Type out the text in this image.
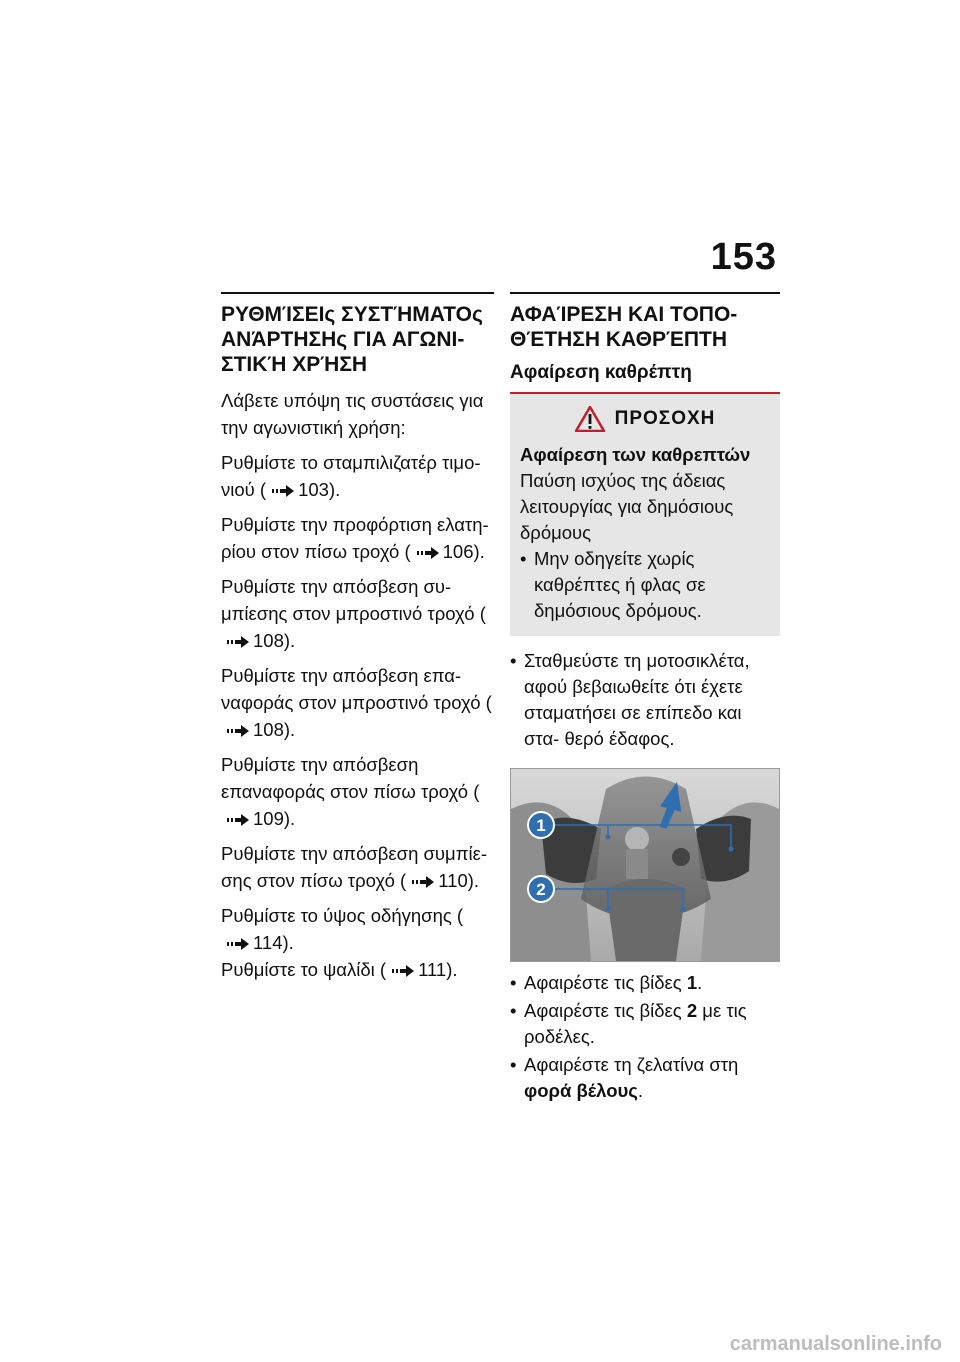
153
ΡΥΘΜΊΣΕΙς ΣΥΣΤΉΜΑΤΟς ΑΝΆΡΤΗΣΗς ΓΙΑ ΑΓΩΝΙ- ΣΤΙΚΉ ΧΡΉΣΗ

Λάβετε υπόψη τις συστάσεις για την αγωνιστική χρήση:

Ρυθμίστε το σταμπιλιζατέρ τιμο- νιού ( 103).

Ρυθμίστε την προφόρτιση ελατη- ρίου στον πίσω τροχό ( 106).

Ρυθμίστε την απόσβεση συ- μπίεσης στον μπροστινό τροχό (108).

Ρυθμίστε την απόσβεση επα- ναφοράς στον μπροστινό τροχό (108).

Ρυθμίστε την απόσβεση επαναφοράς στον πίσω τροχό (109).

Ρυθμίστε την απόσβεση συμπίε- σης στον πίσω τροχό ( 110).

Ρυθμίστε το ύψος οδήγησης (114).

Ρυθμίστε το ψαλίδι ( 111).

ΑΦΑΊΡΕΣΗ ΚΑΙ ΤΟΠΟ- ΘΈΤΗΣΗ ΚΑΘΡΈΠΤΗ
Αφαίρεση καθρέπτη
ΠΡΟΣΟΧΗ

Αφαίρεση των καθρεπτών

Παύση ισχύος της άδειας λειτουργίας για δημόσιους δρόμους

• Μην οδηγείτε χωρίς καθρέπτες ή φλας σε δημόσιους δρόμους.
• Σταθμεύστε τη μοτοσικλέτα, αφού βεβαιωθείτε ότι έχετε σταματήσει σε επίπεδο και στα- θερό έδαφος.
1
2
• Αφαιρέστε τις βίδες 1.
• Αφαιρέστε τις βίδες 2 με τις ροδέλες.
• Αφαιρέστε τη ζελατίνα στη φορά βέλους.
carmanualsonline.info
